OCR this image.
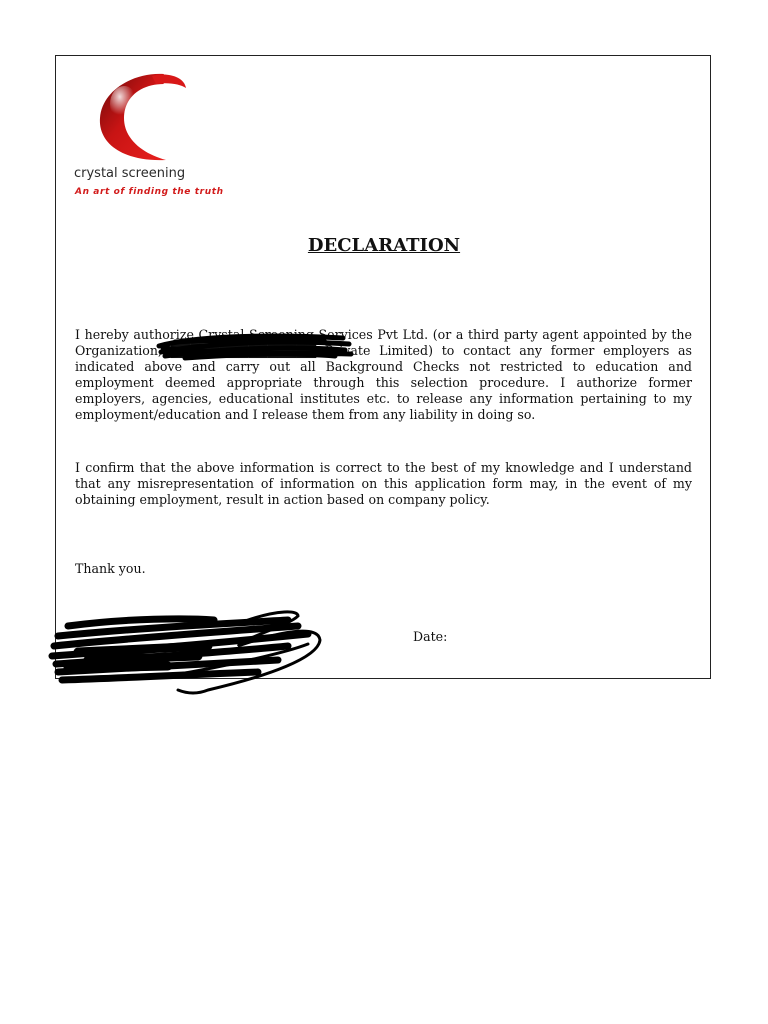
crystal screening
An art of finding the truth
DECLARATION

I hereby authorize Crystal Screening Services Pvt Ltd. (or a third party agent appointed by the Organization, ███████████████ Private Limited) to contact any former employers as indicated above and carry out all Background Checks not restricted to education and employment deemed appropriate through this selection procedure. I authorize former employers, agencies, educational institutes etc. to release any information pertaining to my employment/education and I release them from any liability in doing so.

I confirm that the above information is correct to the best of my knowledge and I understand that any misrepresentation of information on this application form may, in the event of my obtaining employment, result in action based on company policy.

Thank you.
Date:
